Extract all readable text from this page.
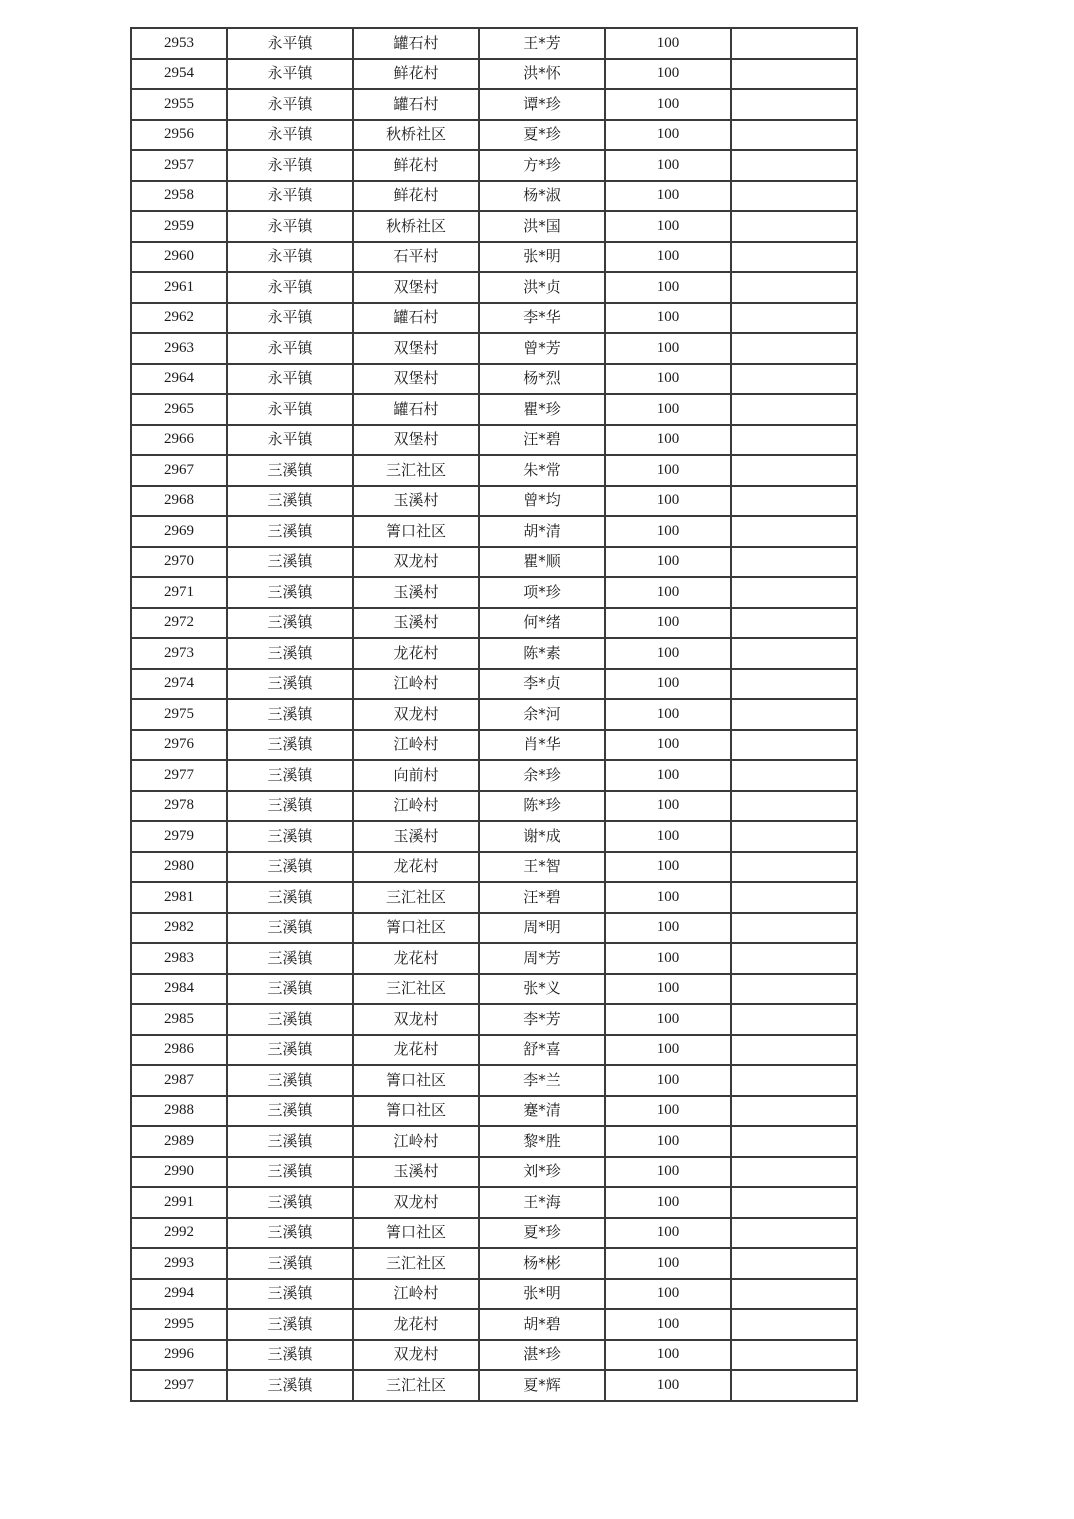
2953	永平镇	罐石村	王*芳	100	
2954	永平镇	鲜花村	洪*怀	100	
2955	永平镇	罐石村	谭*珍	100	
2956	永平镇	秋桥社区	夏*珍	100	
2957	永平镇	鲜花村	方*珍	100	
2958	永平镇	鲜花村	杨*淑	100	
2959	永平镇	秋桥社区	洪*国	100	
2960	永平镇	石平村	张*明	100	
2961	永平镇	双堡村	洪*贞	100	
2962	永平镇	罐石村	李*华	100	
2963	永平镇	双堡村	曾*芳	100	
2964	永平镇	双堡村	杨*烈	100	
2965	永平镇	罐石村	瞿*珍	100	
2966	永平镇	双堡村	汪*碧	100	
2967	三溪镇	三汇社区	朱*常	100	
2968	三溪镇	玉溪村	曾*均	100	
2969	三溪镇	箐口社区	胡*清	100	
2970	三溪镇	双龙村	瞿*顺	100	
2971	三溪镇	玉溪村	项*珍	100	
2972	三溪镇	玉溪村	何*绪	100	
2973	三溪镇	龙花村	陈*素	100	
2974	三溪镇	江岭村	李*贞	100	
2975	三溪镇	双龙村	余*河	100	
2976	三溪镇	江岭村	肖*华	100	
2977	三溪镇	向前村	余*珍	100	
2978	三溪镇	江岭村	陈*珍	100	
2979	三溪镇	玉溪村	谢*成	100	
2980	三溪镇	龙花村	王*智	100	
2981	三溪镇	三汇社区	汪*碧	100	
2982	三溪镇	箐口社区	周*明	100	
2983	三溪镇	龙花村	周*芳	100	
2984	三溪镇	三汇社区	张*义	100	
2985	三溪镇	双龙村	李*芳	100	
2986	三溪镇	龙花村	舒*喜	100	
2987	三溪镇	箐口社区	李*兰	100	
2988	三溪镇	箐口社区	蹇*清	100	
2989	三溪镇	江岭村	黎*胜	100	
2990	三溪镇	玉溪村	刘*珍	100	
2991	三溪镇	双龙村	王*海	100	
2992	三溪镇	箐口社区	夏*珍	100	
2993	三溪镇	三汇社区	杨*彬	100	
2994	三溪镇	江岭村	张*明	100	
2995	三溪镇	龙花村	胡*碧	100	
2996	三溪镇	双龙村	湛*珍	100	
2997	三溪镇	三汇社区	夏*辉	100	
